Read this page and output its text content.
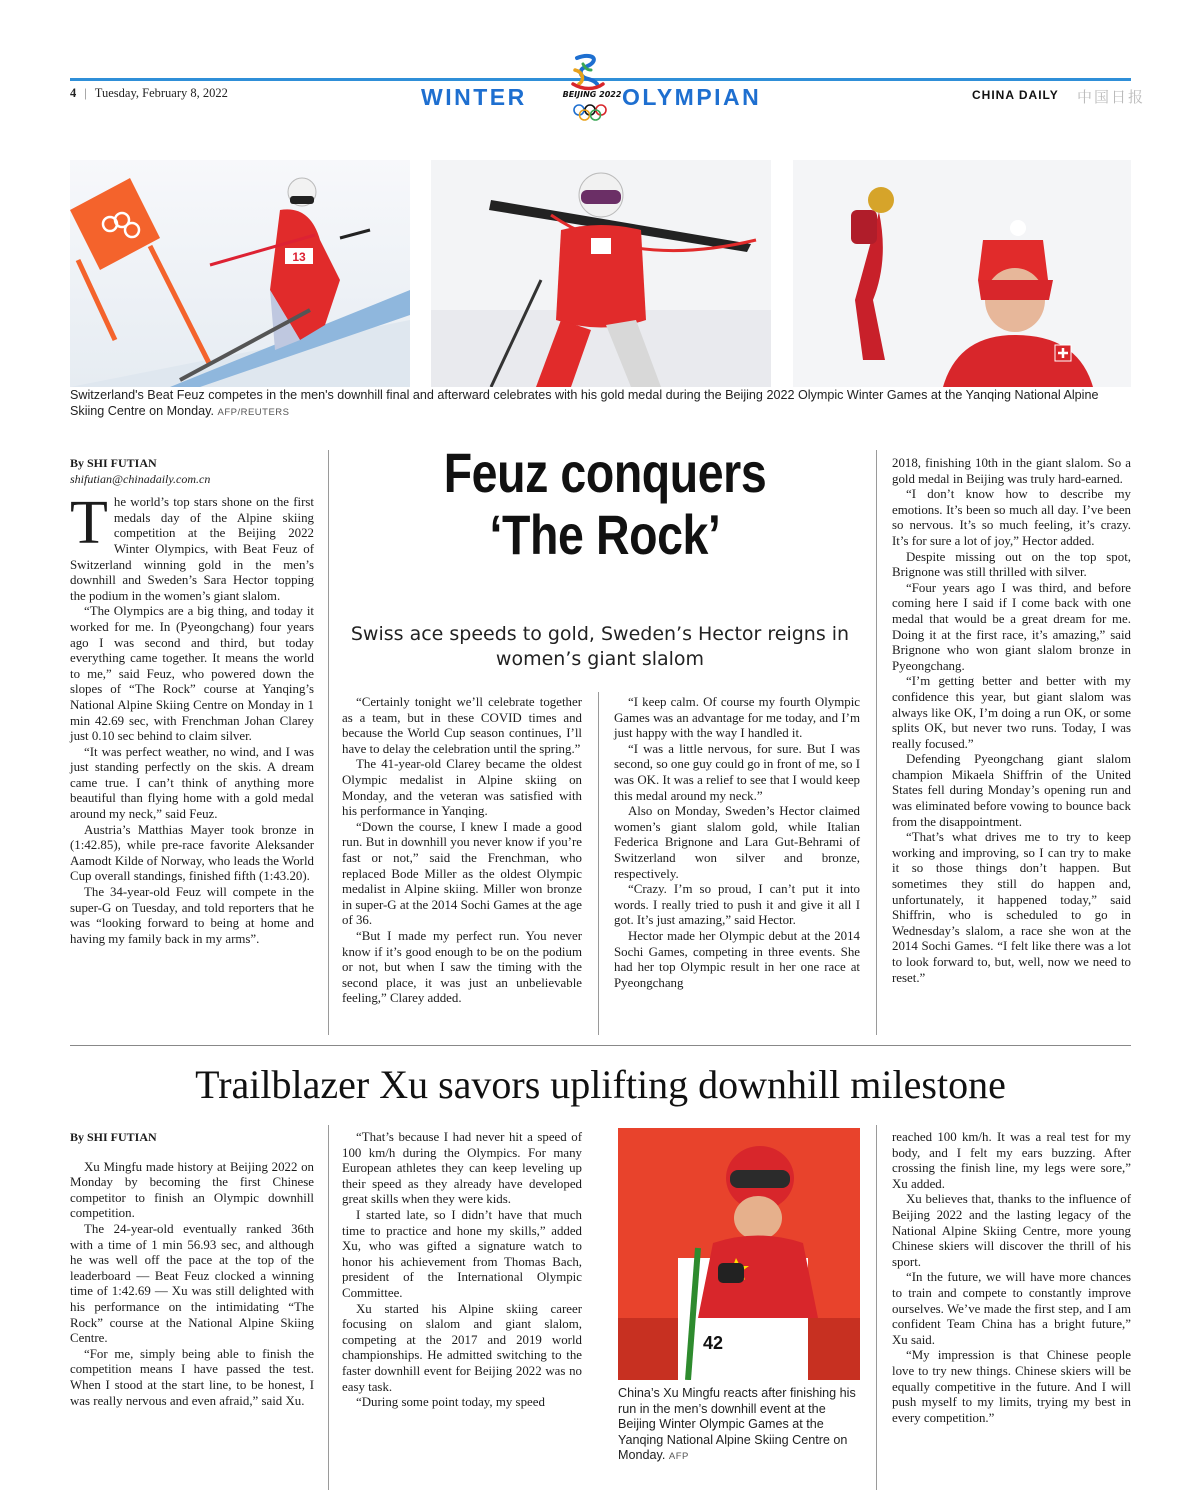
4 | Tuesday, February 8, 2022	WINTER	OLYMPIAN
BEIJING 2022	CHINA DAILY 中国日报
13
Switzerland's Beat Feuz competes in the men's downhill final and afterward celebrates with his gold medal during the Beijing 2022 Olympic Winter Games at the Yanqing National Alpine Skiing Centre on Monday. AFP/REUTERS

By SHI FUTIAN

shifutian@chinadaily.com.cn

The world’s top stars shone on the first medals day of the Alpine skiing competition at the Beijing 2022 Winter Olympics, with Beat Feuz of Switzerland winning gold in the men’s downhill and Sweden’s Sara Hector topping the podium in the women’s giant slalom.

“The Olympics are a big thing, and today it worked for me. In (Pyeongchang) four years ago I was second and third, but today everything came together. It means the world to me,” said Feuz, who powered down the slopes of “The Rock” course at Yanqing’s National Alpine Skiing Centre on Monday in 1 min 42.69 sec, with Frenchman Johan Clarey just 0.10 sec behind to claim silver.

“It was perfect weather, no wind, and I was just standing perfectly on the skis. A dream came true. I can’t think of anything more beautiful than flying home with a gold medal around my neck,” said Feuz.

Austria’s Matthias Mayer took bronze in (1:42.85), while pre-race favorite Aleksander Aamodt Kilde of Norway, who leads the World Cup overall standings, finished fifth (1:43.20).

The 34-year-old Feuz will compete in the super-G on Tuesday, and told reporters that he was “looking forward to being at home and having my family back in my arms”.

Feuz conquers
‘The Rock’
Swiss ace speeds to gold, Sweden’s Hector reigns in women’s giant slalom

“Certainly tonight we’ll celebrate together as a team, but in these COVID times and because the World Cup season continues, I’ll have to delay the celebration until the spring.”

The 41-year-old Clarey became the oldest Olympic medalist in Alpine skiing on Monday, and the veteran was satisfied with his performance in Yanqing.

“Down the course, I knew I made a good run. But in downhill you never know if you’re fast or not,” said the Frenchman, who replaced Bode Miller as the oldest Olympic medalist in Alpine skiing. Miller won bronze in super-G at the 2014 Sochi Games at the age of 36.

“But I made my perfect run. You never know if it’s good enough to be on the podium or not, but when I saw the timing with the second place, it was just an unbelievable feeling,” Clarey added.

“I keep calm. Of course my fourth Olympic Games was an advantage for me today, and I’m just happy with the way I handled it.

“I was a little nervous, for sure. But I was second, so one guy could go in front of me, so I was OK. It was a relief to see that I would keep this medal around my neck.”

Also on Monday, Sweden’s Hector claimed women’s giant slalom gold, while Italian Federica Brignone and Lara Gut-Behrami of Switzerland won silver and bronze, respectively.

“Crazy. I’m so proud, I can’t put it into words. I really tried to push it and give it all I got. It’s just amazing,” said Hector.

Hector made her Olympic debut at the 2014 Sochi Games, competing in three events. She had her top Olympic result in her one race at Pyeongchang

2018, finishing 10th in the giant slalom. So a gold medal in Beijing was truly hard-earned.

“I don’t know how to describe my emotions. It’s been so much all day. I’ve been so nervous. It’s so much feeling, it’s crazy. It’s for sure a lot of joy,” Hector added.

Despite missing out on the top spot, Brignone was still thrilled with silver.

“Four years ago I was third, and before coming here I said if I come back with one medal that would be a great dream for me. Doing it at the first race, it’s amazing,” said Brignone who won giant slalom bronze in Pyeongchang.

“I’m getting better and better with my confidence this year, but giant slalom was always like OK, I’m doing a run OK, or some splits OK, but never two runs. Today, I was really focused.”

Defending Pyeongchang giant slalom champion Mikaela Shiffrin of the United States fell during Monday’s opening run and was eliminated before vowing to bounce back from the disappointment.

“That’s what drives me to try to keep working and improving, so I can try to make it so those things don’t happen. But sometimes they still do happen and, unfortunately, it happened today,” said Shiffrin, who is scheduled to go in Wednesday’s slalom, a race she won at the 2014 Sochi Games. “I felt like there was a lot to look forward to, but, well, now we need to reset.”

Trailblazer Xu savors uplifting downhill milestone

By SHI FUTIAN

Xu Mingfu made history at Beijing 2022 on Monday by becoming the first Chinese competitor to finish an Olympic downhill competition.

The 24-year-old eventually ranked 36th with a time of 1 min 56.93 sec, and although he was well off the pace at the top of the leaderboard — Beat Feuz clocked a winning time of 1:42.69 — Xu was still delighted with his performance on the intimidating “The Rock” course at the National Alpine Skiing Centre.

“For me, simply being able to finish the competition means I have passed the test. When I stood at the start line, to be honest, I was really nervous and even afraid,” said Xu.

“That’s because I had never hit a speed of 100 km/h during the Olympics. For many European athletes they can keep leveling up their speed as they already have developed great skills when they were kids.

I started late, so I didn’t have that much time to practice and hone my skills,” added Xu, who was gifted a signature watch to honor his achievement from Thomas Bach, president of the International Olympic Committee.

Xu started his Alpine skiing career focusing on slalom and giant slalom, competing at the 2017 and 2019 world championships. He admitted switching to the faster downhill event for Beijing 2022 was no easy task.

“During some point today, my speed

42
China’s Xu Mingfu reacts after finishing his run in the men’s downhill event at the Beijing Winter Olympic Games at the Yanqing National Alpine Skiing Centre on Monday. AFP

reached 100 km/h. It was a real test for my body, and I felt my ears buzzing. After crossing the finish line, my legs were sore,” Xu added.

Xu believes that, thanks to the influence of Beijing 2022 and the lasting legacy of the National Alpine Skiing Centre, more young Chinese skiers will discover the thrill of his sport.

“In the future, we will have more chances to train and compete to constantly improve ourselves. We’ve made the first step, and I am confident Team China has a bright future,” Xu said.

“My impression is that Chinese people love to try new things. Chinese skiers will be equally competitive in the future. And I will push myself to my limits, trying my best in every competition.”
